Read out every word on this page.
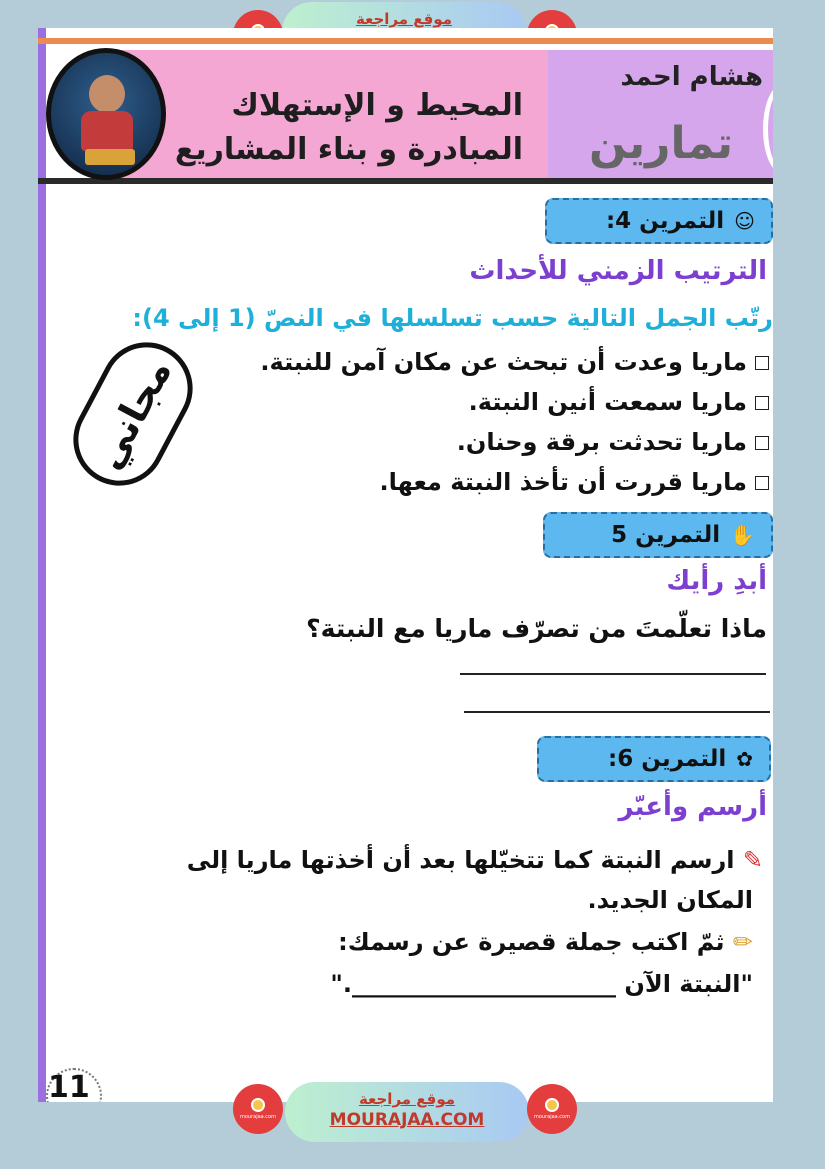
موقع مراجعة
المحيط و الإستهلاك
المبادرة و بناء المشاريع
هشام احمد
تمارين
☺
التمرين 4:
الترتيب الزمني للأحداث
رتّب الجمل التالية حسب تسلسلها في النصّ (1 إلى 4):
ماريا وعدت أن تبحث عن مكان آمن للنبتة.
ماريا سمعت أنين النبتة.
ماريا تحدثت برقة وحنان.
ماريا قررت أن تأخذ النبتة معها.
مجاني
✋
التمرين 5
أبدِ رأيك
ماذا تعلّمتَ من تصرّف ماريا مع النبتة؟
✿
التمرين 6:
أرسم وأعبّر
✎ ارسم النبتة كما تتخيّلها بعد أن أخذتها ماريا إلى
المكان الجديد.
✏ ثمّ اكتب جملة قصيرة عن رسمك:
"النبتة الآن ______________________."
11
mourajaa.com
موقع مراجعة
MOURAJAA.COM	mourajaa.com
